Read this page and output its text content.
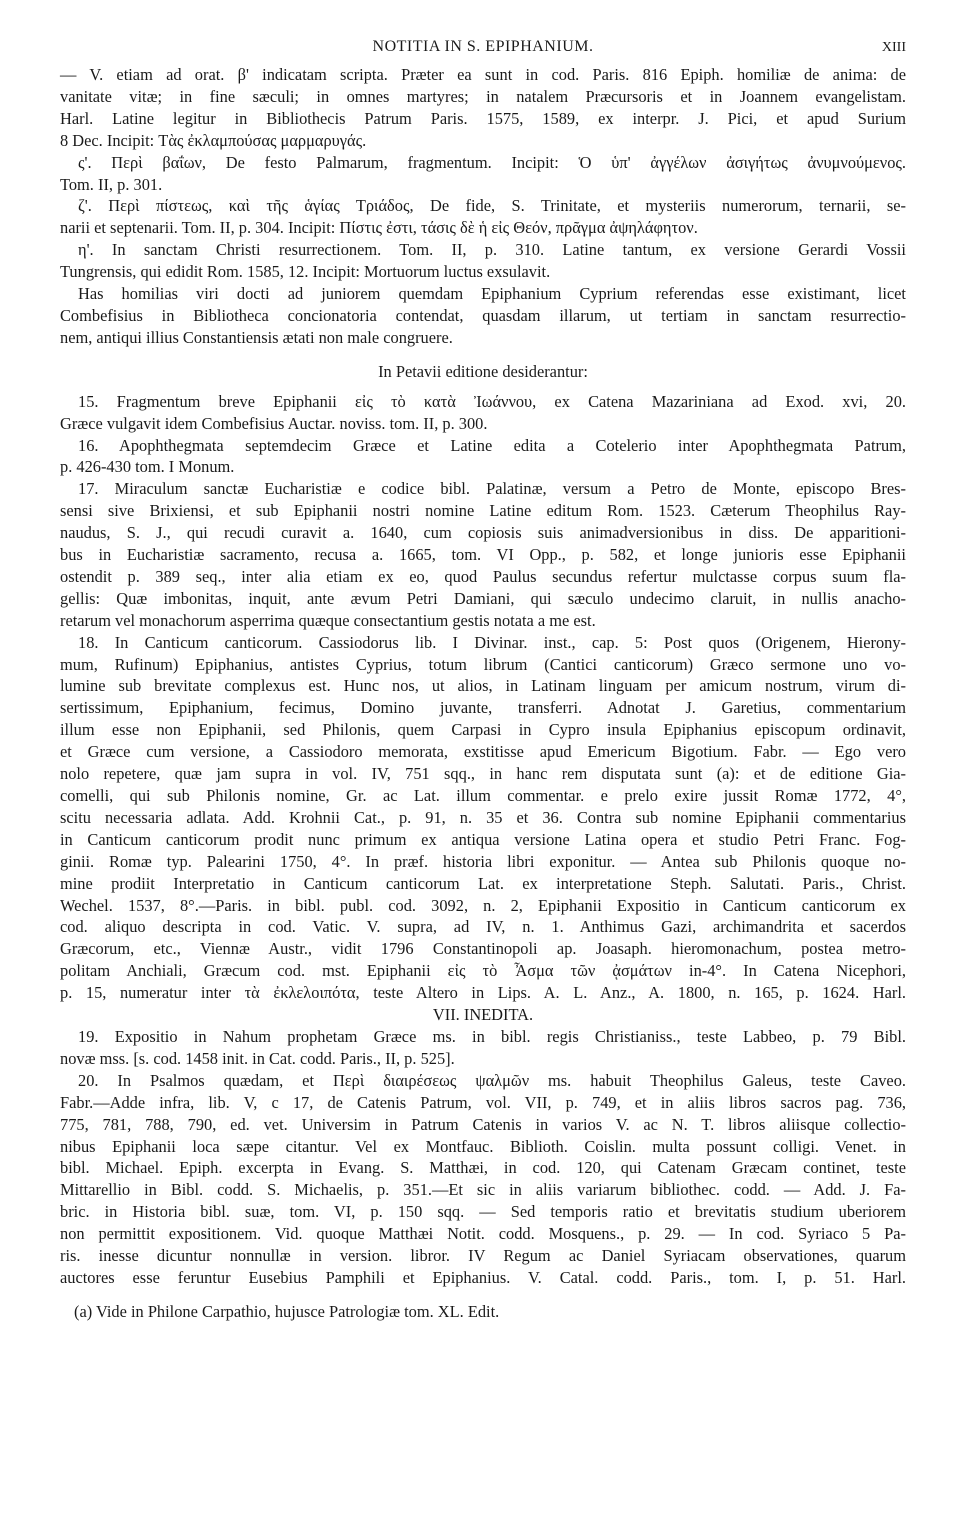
NOTITIA IN S. EPIPHANIUM.	XIII
— V. etiam ad orat. β' indicatam scripta. Præter ea sunt in cod. Paris. 816 Epiph. homiliæ de anima: de
vanitate vitæ; in fine sæculi; in omnes martyres; in natalem Præcursoris et in Joannem evangelistam.
Harl. Latine legitur in Bibliothecis Patrum Paris. 1575, 1589, ex interpr. J. Pici, et apud Surium
8 Dec. Incipit: Τὰς ἐκλαμπούσας μαρμαρυγάς.
ς'. Περὶ βαΐων, De festo Palmarum, fragmentum. Incipit: Ὁ ὑπ' ἀγγέλων ἀσιγήτως ἀνυμνούμενος.
Tom. II, p. 301.
ζ'. Περὶ πίστεως, καὶ τῆς ἁγίας Τριάδος, De fide, S. Trinitate, et mysteriis numerorum, ternarii, se-
narii et septenarii. Tom. II, p. 304. Incipit: Πίστις ἐστι, τάσις δὲ ἡ εἰς Θεόν, πρᾶγμα ἀψηλάφητον.
η'. In sanctam Christi resurrectionem. Tom. II, p. 310. Latine tantum, ex versione Gerardi Vossii
Tungrensis, qui edidit Rom. 1585, 12. Incipit: Mortuorum luctus exsulavit.
Has homilias viri docti ad juniorem quemdam Epiphanium Cyprium referendas esse existimant, licet
Combefisius in Bibliotheca concionatoria contendat, quasdam illarum, ut tertiam in sanctam resurrectio-
nem, antiqui illius Constantiensis ætati non male congruere.
In Petavii editione desiderantur:
15. Fragmentum breve Epiphanii εἰς τὸ κατὰ Ἰωάννου, ex Catena Mazariniana ad Exod. xvi, 20.
Græce vulgavit idem Combefisius Auctar. noviss. tom. II, p. 300.
16. Apophthegmata septemdecim Græce et Latine edita a Cotelerio inter Apophthegmata Patrum,
p. 426-430 tom. I Monum.
17. Miraculum sanctæ Eucharistiæ e codice bibl. Palatinæ, versum a Petro de Monte, episcopo Bres-
sensi sive Brixiensi, et sub Epiphanii nostri nomine Latine editum Rom. 1523. Cæterum Theophilus Ray-
naudus, S. J., qui recudi curavit a. 1640, cum copiosis suis animadversionibus in diss. De apparitioni-
bus in Eucharistiæ sacramento, recusa a. 1665, tom. VI Opp., p. 582, et longe junioris esse Epiphanii
ostendit p. 389 seq., inter alia etiam ex eo, quod Paulus secundus refertur mulctasse corpus suum fla-
gellis: Quæ imbonitas, inquit, ante ævum Petri Damiani, qui sæculo undecimo claruit, in nullis anacho-
retarum vel monachorum asperrima quæque consectantium gestis notata a me est.
18. In Canticum canticorum. Cassiodorus lib. I Divinar. inst., cap. 5: Post quos (Origenem, Hierony-
mum, Rufinum) Epiphanius, antistes Cyprius, totum librum (Cantici canticorum) Græco sermone uno vo-
lumine sub brevitate complexus est. Hunc nos, ut alios, in Latinam linguam per amicum nostrum, virum di-
sertissimum, Epiphanium, fecimus, Domino juvante, transferri. Adnotat J. Garetius, commentarium
illum esse non Epiphanii, sed Philonis, quem Carpasi in Cypro insula Epiphanius episcopum ordinavit,
et Græce cum versione, a Cassiodoro memorata, exstitisse apud Emericum Bigotium. Fabr. — Ego vero
nolo repetere, quæ jam supra in vol. IV, 751 sqq., in hanc rem disputata sunt (a): et de editione Gia-
comelli, qui sub Philonis nomine, Gr. ac Lat. illum commentar. e prelo exire jussit Romæ 1772, 4°,
scitu necessaria adlata. Add. Krohnii Cat., p. 91, n. 35 et 36. Contra sub nomine Epiphanii commentarius
in Canticum canticorum prodit nunc primum ex antiqua versione Latina opera et studio Petri Franc. Fog-
ginii. Romæ typ. Palearini 1750, 4°. In præf. historia libri exponitur. — Antea sub Philonis quoque no-
mine prodiit Interpretatio in Canticum canticorum Lat. ex interpretatione Steph. Salutati. Paris., Christ.
Wechel. 1537, 8°.—Paris. in bibl. publ. cod. 3092, n. 2, Epiphanii Expositio in Canticum canticorum ex
cod. aliquo descripta in cod. Vatic. V. supra, ad IV, n. 1. Anthimus Gazi, archimandrita et sacerdos
Græcorum, etc., Viennæ Austr., vidit 1796 Constantinopoli ap. Joasaph. hieromonachum, postea metro-
politam Anchiali, Græcum cod. mst. Epiphanii εἰς τὸ Ἆσμα τῶν ᾀσμάτων in-4°. In Catena Nicephori,
p. 15, numeratur inter τὰ ἐκλελοιπότα, teste Altero in Lips. A. L. Anz., A. 1800, n. 165, p. 1624. Harl.
VII. INEDITA.
19. Expositio in Nahum prophetam Græce ms. in bibl. regis Christianiss., teste Labbeo, p. 79 Bibl.
novæ mss. [s. cod. 1458 init. in Cat. codd. Paris., II, p. 525].
20. In Psalmos quædam, et Περὶ διαιρέσεως ψαλμῶν ms. habuit Theophilus Galeus, teste Caveo.
Fabr.—Adde infra, lib. V, c 17, de Catenis Patrum, vol. VII, p. 749, et in aliis libros sacros pag. 736,
775, 781, 788, 790, ed. vet. Universim in Patrum Catenis in varios V. ac N. T. libros aliisque collectio-
nibus Epiphanii loca sæpe citantur. Vel ex Montfauc. Biblioth. Coislin. multa possunt colligi. Venet. in
bibl. Michael. Epiph. excerpta in Evang. S. Matthæi, in cod. 120, qui Catenam Græcam continet, teste
Mittarellio in Bibl. codd. S. Michaelis, p. 351.—Et sic in aliis variarum bibliothec. codd. — Add. J. Fa-
bric. in Historia bibl. suæ, tom. VI, p. 150 sqq. — Sed temporis ratio et brevitatis studium uberiorem
non permittit expositionem. Vid. quoque Matthæi Notit. codd. Mosquens., p. 29. — In cod. Syriaco 5 Pa-
ris. inesse dicuntur nonnullæ in version. libror. IV Regum ac Daniel Syriacam observationes, quarum
auctores esse feruntur Eusebius Pamphili et Epiphanius. V. Catal. codd. Paris., tom. I, p. 51. Harl.
(a) Vide in Philone Carpathio, hujusce Patrologiæ tom. XL. Edit.
